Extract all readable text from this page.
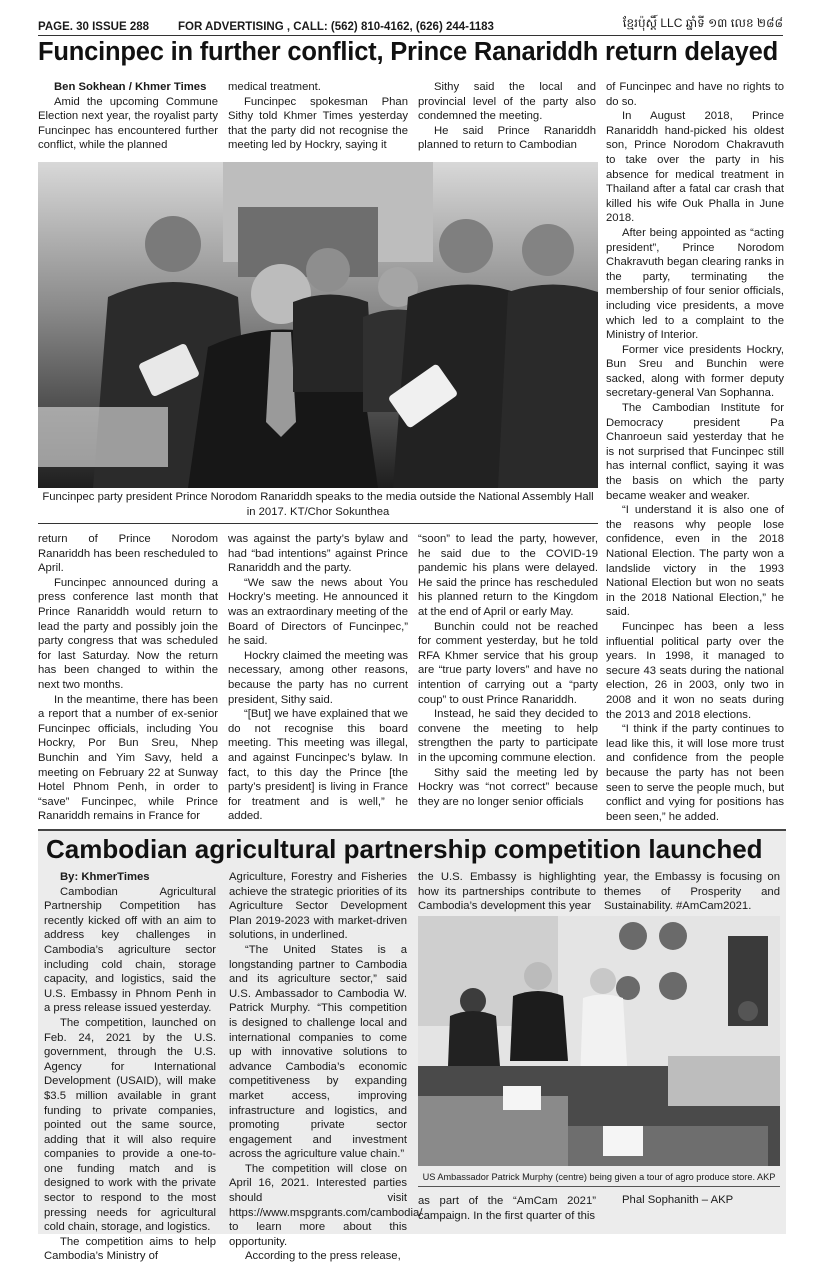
PAGE. 30 ISSUE 288	FOR ADVERTISING , CALL: (562) 810-4162, (626) 244-1183	ខ្មែរប៉ុស្តិ៍ LLC ឆ្នាំទី ១៣ លេខ ២៨៨
Funcinpec in further conflict, Prince Ranariddh return delayed

Ben Sokhean / Khmer Times

Amid the upcoming Commune Election next year, the royalist party Funcinpec has encountered further conflict, while the planned

medical treatment.

Funcinpec spokesman Phan Sithy told Khmer Times yesterday that the party did not recognise the meeting led by Hockry, saying it

Sithy said the local and provincial level of the party also condemned the meeting.

He said Prince Ranariddh planned to return to Cambodian

of Funcinpec and have no rights to do so.

In August 2018, Prince Ranariddh hand-picked his oldest son, Prince Norodom Chakravuth to take over the party in his absence for medical treatment in Thailand after a fatal car crash that killed his wife Ouk Phalla in June 2018.

After being appointed as “acting president”, Prince Norodom Chakravuth began clearing ranks in the party, terminating the membership of four senior officials, including vice presidents, a move which led to a complaint to the Ministry of Interior.

Former vice presidents Hockry, Bun Sreu and Bunchin were sacked, along with former deputy secretary-general Van Sophanna.

The Cambodian Institute for Democracy president Pa Chanroeun said yesterday that he is not surprised that Funcinpec still has internal conflict, saying it was the basis on which the party became weaker and weaker.

“I understand it is also one of the reasons why people lose confidence, even in the 2018 National Election. The party won a landslide victory in the 1993 National Election but won no seats in the 2018 National Election,” he said.

Funcinpec has been a less influential political party over the years. In 1998, it managed to secure 43 seats during the national election, 26 in 2003, only two in 2008 and it won no seats during the 2013 and 2018 elections.

“I think if the party continues to lead like this, it will lose more trust and confidence from the people because the party has not been seen to serve the people much, but conflict and vying for positions has been seen,” he added.

Funcinpec party president Prince Norodom Ranariddh speaks to the media outside the National Assembly Hall in 2017. KT/Chor Sokunthea

return of Prince Norodom Ranariddh has been rescheduled to April.

Funcinpec announced during a press conference last month that Prince Ranariddh would return to lead the party and possibly join the party congress that was scheduled for last Saturday. Now the return has been changed to within the next two months.

In the meantime, there has been a report that a number of ex-senior Funcinpec officials, including You Hockry, Por Bun Sreu, Nhep Bunchin and Yim Savy, held a meeting on February 22 at Sunway Hotel Phnom Penh, in order to “save” Funcinpec, while Prince Ranariddh remains in France for

was against the party’s bylaw and had “bad intentions” against Prince Ranariddh and the party.

“We saw the news about You Hockry’s meeting. He announced it was an extraordinary meeting of the Board of Directors of Funcinpec,” he said.

Hockry claimed the meeting was necessary, among other reasons, because the party has no current president, Sithy said.

“[But] we have explained that we do not recognise this board meeting. This meeting was illegal, and against Funcinpec’s bylaw. In fact, to this day the Prince [the party’s president] is living in France for treatment and is well,” he added.

“soon” to lead the party, however, he said due to the COVID-19 pandemic his plans were delayed. He said the prince has rescheduled his planned return to the Kingdom at the end of April or early May.

Bunchin could not be reached for comment yesterday, but he told RFA Khmer service that his group are “true party lovers” and have no intention of carrying out a “party coup” to oust Prince Ranariddh.

Instead, he said they decided to convene the meeting to help strengthen the party to participate in the upcoming commune election.

Sithy said the meeting led by Hockry was “not correct” because they are no longer senior officials

Cambodian agricultural partnership competition launched

By: KhmerTimes

Cambodian Agricultural Partnership Competition has recently kicked off with an aim to address key challenges in Cambodia’s agriculture sector including cold chain, storage capacity, and logistics, said the U.S. Embassy in Phnom Penh in a press release issued yesterday.

The competition, launched on Feb. 24, 2021 by the U.S. government, through the U.S. Agency for International Development (USAID), will make $3.5 million available in grant funding to private companies, pointed out the same source, adding that it will also require companies to provide a one-to-one funding match and is designed to work with the private sector to respond to the most pressing needs for agricultural cold chain, storage, and logistics.

The competition aims to help Cambodia’s Ministry of

Agriculture, Forestry and Fisheries achieve the strategic priorities of its Agriculture Sector Development Plan 2019-2023 with market-driven solutions, in underlined.

“The United States is a longstanding partner to Cambodia and its agriculture sector,” said U.S. Ambassador to Cambodia W. Patrick Murphy. “This competition is designed to challenge local and international companies to come up with innovative solutions to advance Cambodia’s economic competitiveness by expanding market access, improving infrastructure and logistics, and promoting private sector engagement and investment across the agriculture value chain.”

The competition will close on April 16, 2021. Interested parties should visit https://www.mspgrants.com/cambodia/ to learn more about this opportunity.

According to the press release,

the U.S. Embassy is highlighting how its partnerships contribute to Cambodia’s development this year

year, the Embassy is focusing on themes of Prosperity and Sustainability. #AmCam2021.

US Ambassador Patrick Murphy (centre) being given a tour of agro produce store. AKP

as part of the “AmCam 2021” campaign. In the first quarter of this

Phal Sophanith – AKP
